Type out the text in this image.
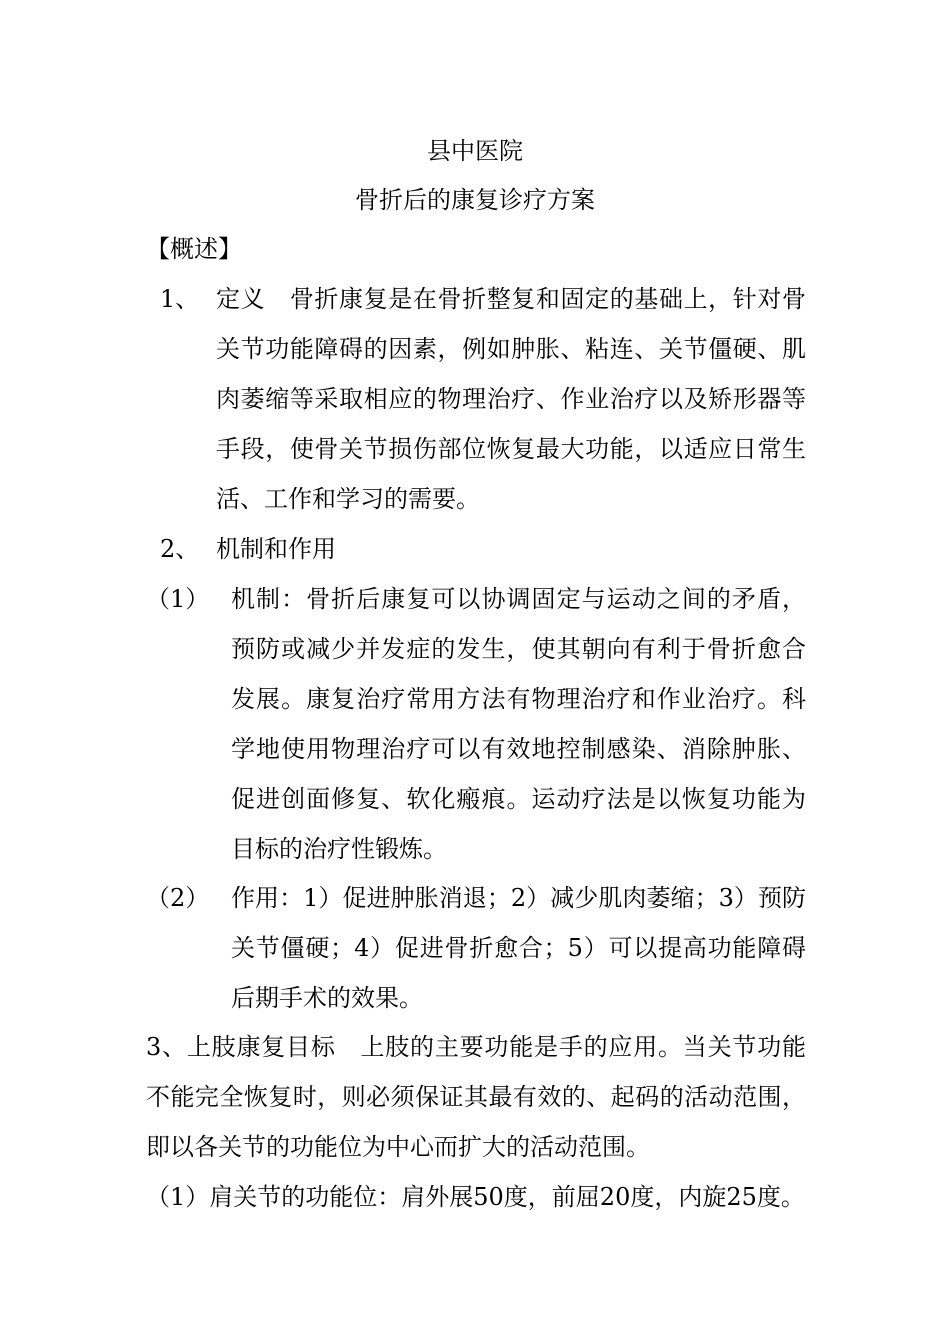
县中医院
骨折后的康复诊疗方案
【概述】
1、 定义　骨折康复是在骨折整复和固定的基础上，针对骨关节功能障碍的因素，例如肿胀、粘连、关节僵硬、肌肉萎缩等采取相应的物理治疗、作业治疗以及矫形器等手段，使骨关节损伤部位恢复最大功能，以适应日常生活、工作和学习的需要。
2、 机制和作用
（1） 机制：骨折后康复可以协调固定与运动之间的矛盾，预防或减少并发症的发生，使其朝向有利于骨折愈合发展。康复治疗常用方法有物理治疗和作业治疗。科学地使用物理治疗可以有效地控制感染、消除肿胀、促进创面修复、软化瘢痕。运动疗法是以恢复功能为目标的治疗性锻炼。
（2） 作用：1）促进肿胀消退；2）减少肌肉萎缩；3）预防关节僵硬；4）促进骨折愈合；5）可以提高功能障碍后期手术的效果。
3、上肢康复目标　上肢的主要功能是手的应用。当关节功能不能完全恢复时，则必须保证其最有效的、起码的活动范围，即以各关节的功能位为中心而扩大的活动范围。
（1）肩关节的功能位：肩外展50度，前屈20度，内旋25度。
